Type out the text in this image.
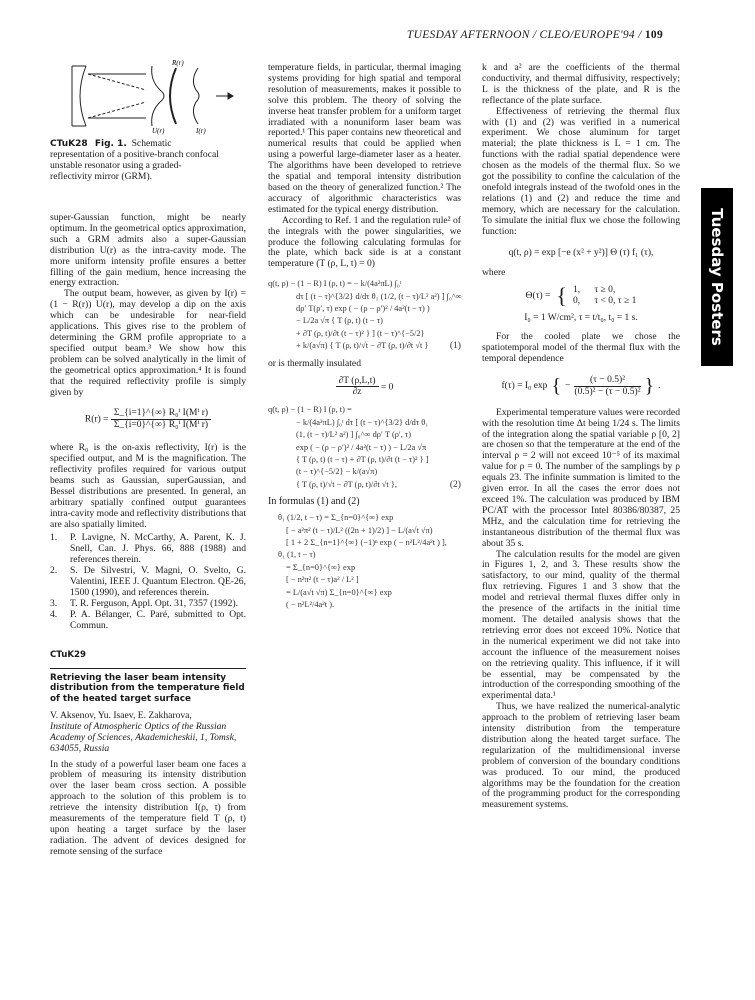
TUESDAY AFTERNOON / CLEO/EUROPE'94 / 109
Tuesday Posters
R(r)
U(r)	I(r)
CTuK28 Fig. 1. Schematic representation of a positive-branch confocal unstable resonator using a graded-reflectivity mirror (GRM).

super-Gaussian function, might be nearly optimum. In the geometrical optics approximation, such a GRM admits also a super-Gaussian distribution U(r) as the intra-cavity mode. The more uniform intensity profile ensures a better filling of the gain medium, hence increasing the energy extraction.

The output beam, however, as given by I(r) = (1 − R(r)) U(r), may develop a dip on the axis which can be undesirable for near-field applications. This gives rise to the problem of determining the GRM profile appropriate to a specified output beam.³ We show how this problem can be solved analytically in the limit of the geometrical optics approximation.⁴ It is found that the required reflectivity profile is simply given by

$R(r) = \frac{\text{Σ\_\{i=1\}\textasciicircum{}\{∞\} R₀ⁱ I(Mⁱ r)}}{\text{Σ\_\{i=0\}\textasciicircum{}\{∞\} R₀ⁱ I(Mⁱ r)}}$

where R₀ is the on-axis reflectivity, I(r) is the specified output, and M is the magnification. The reflectivity profiles required for various output beams such as Gaussian, superGaussian, and Bessel distributions are presented. In general, an arbitrary spatially confined output guarantees intra-cavity mode and reflectivity distributions that are also spatially limited.

1.	P. Lavigne, N. McCarthy, A. Parent, K. J. Snell, Can. J. Phys. 66, 888 (1988) and references therein.
2.	S. De Silvestri, V. Magni, O. Svelto, G. Valentini, IEEE J. Quantum Electron. QE-26, 1500 (1990), and references therein.
3.	T. R. Ferguson, Appl. Opt. 31, 7357 (1992).
4.	P. A. Bélanger, C. Paré, submitted to Opt. Commun.
CTuK29
Retrieving the laser beam intensity distribution from the temperature field of the heated target surface
V. Aksenov, Yu. Isaev, E. Zakharova,
Institute of Atmospheric Optics of the Russian Academy of Sciences, Akademicheskii, 1, Tomsk, 634055, Russia

In the study of a powerful laser beam one faces a problem of measuring its intensity distribution over the laser beam cross section. A possible approach to the solution of this problem is to retrieve the intensity distribution I(ρ, t) from measurements of the temperature field T (ρ, t) upon heating a target surface by the laser radiation. The advent of devices designed for remote sensing of the surface

temperature fields, in particular, thermal imaging systems providing for high spatial and temporal resolution of measurements, makes it possible to solve this problem. The theory of solving the inverse heat transfer problem for a uniform target irradiated with a nonuniform laser beam was reported.¹ This paper contains new theoretical and numerical results that could be applied when using a powerful large-diameter laser as a heater. The algorithms have been developed to retrieve the spatial and temporal intensity distribution based on the theory of generalized function.² The accuracy of algorithmic characteristics was estimated for the typical energy distribution.

According to Ref. 1 and the regulation rule² of the integrals with the power singularities, we produce the following calculating formulas for the plate, which back side is at a constant temperature (T (ρ, L, t) = 0)

q(t, ρ) − (1 − R) I (ρ, t) = − k/(4a²πL) ∫₀ᵗ
dτ [ (t − τ)^{3/2} d/dτ θ₁ (1/2, (t − τ)/L² a²) ] ∫₀^∞
dρ′ T(ρ′, τ) exp ( − (ρ − ρ′)² / 4a²(t − τ) )
− L/2a √π { T (ρ, t) (t − τ)
+ ∂T (ρ, t)/∂t (t − τ)² } ] (t − τ)^{−5/2}
+ k/(a√π) { T (ρ, t)/√t − ∂T (ρ, t)/∂t √t }	(1)

or is thermally insulated

$\frac{\partial T (\rho,L,t)}{\partial z} = 0$
q(t, ρ) − (1 − R) I (ρ, t) =
− k/(4a²πL) ∫₀ᵗ dτ [ (t − τ)^{3/2} d/dτ θ₁
(1, (t − τ)/L² a²) ] ∫₀^∞ dρ′ T (ρ′, τ)
exp ( − (ρ − ρ′)² / 4a²(t − τ) ) − L/2a √π
{ T (ρ, t) (t − τ) + ∂T (ρ, t)/∂t (t − τ)² } ]
(t − τ)^{−5/2} − k/(a√π)
{ T (ρ, t)/√t − ∂T (ρ, t)/∂t √t },	(2)

In formulas (1) and (2)

θ₁ (1/2, t − τ) = Σ_{n=0}^{∞} exp
[ − a²π² (t − τ)/L² ((2n + 1)/2) ] − L/(a√t √π)
[ 1 + 2 Σ_{n=1}^{∞} (−1)ⁿ exp ( − n²L²/4a²t ) ],
θ₁ (1, t − τ)
= Σ_{n=0}^{∞} exp
[ − n²π² (t − τ)a² / L² ]
= L/(a√t √π) Σ_{n=0}^{∞} exp
( − n²L²/4a²t ).

k and a² are the coefficients of the thermal conductivity, and thermal diffusivity, respectively; L is the thickness of the plate, and R is the reflectance of the plate surface.

Effectiveness of retrieving the thermal flux with (1) and (2) was verified in a numerical experiment. We chose aluminum for target material; the plate thickness is L = 1 cm. The functions with the radial spatial dependence were chosen as the models of the thermal flux. So we got the possibility to confine the calculation of the onefold integrals instead of the twofold ones in the relations (1) and (2) and reduce the time and memory, which are necessary for the calculation. To simulate the initial flux we chose the following function:

q(t, ρ) = exp [−e (x² + y²)] Θ (τ) f₁ (τ),

where

Θ(τ) = { 1, τ ≥ 0,
0, τ < 0, τ ≥ 1
I₀ = 1 W/cm², τ = t/t₀, t₀ = 1 s.

For the cooled plate we chose the spatiotemporal model of the thermal flux with the temporal dependence

f(τ) = I₀ exp { − $\frac{\text{(τ − 0.5)²}}{\text{(0.5)² − (τ − 0.5)²}}$ } .

Experimental temperature values were recorded with the resolution time Δt being 1/24 s. The limits of the integration along the spatial variable ρ [0, 2] are chosen so that the temperature at the end of the interval ρ = 2 will not exceed 10⁻⁵ of its maximal value for ρ = 0. The number of the samplings by ρ equals 23. The infinite summation is limited to the given error. In all the cases the error does not exceed 1%. The calculation was produced by IBM PC/AT with the processor Intel 80386/80387, 25 MHz, and the calculation time for retrieving the instantaneous distribution of the thermal flux was about 35 s.

The calculation results for the model are given in Figures 1, 2, and 3. These results show the satisfactory, to our mind, quality of the thermal flux retrieving. Figures 1 and 3 show that the model and retrieval thermal fluxes differ only in the presence of the artifacts in the initial time moment. The detailed analysis shows that the retrieving error does not exceed 10%. Notice that in the numerical experiment we did not take into account the influence of the measurement noises on the retrieving quality. This influence, if it will be essential, may be compensated by the introduction of the corresponding smoothing of the experimental data.¹

Thus, we have realized the numerical-analytic approach to the problem of retrieving laser beam intensity distribution from the temperature distribution along the heated target surface. The regularization of the multidimensional inverse problem of conversion of the boundary conditions was produced. To our mind, the produced algorithms may be the foundation for the creation of the programming product for the corresponding measurement systems.
